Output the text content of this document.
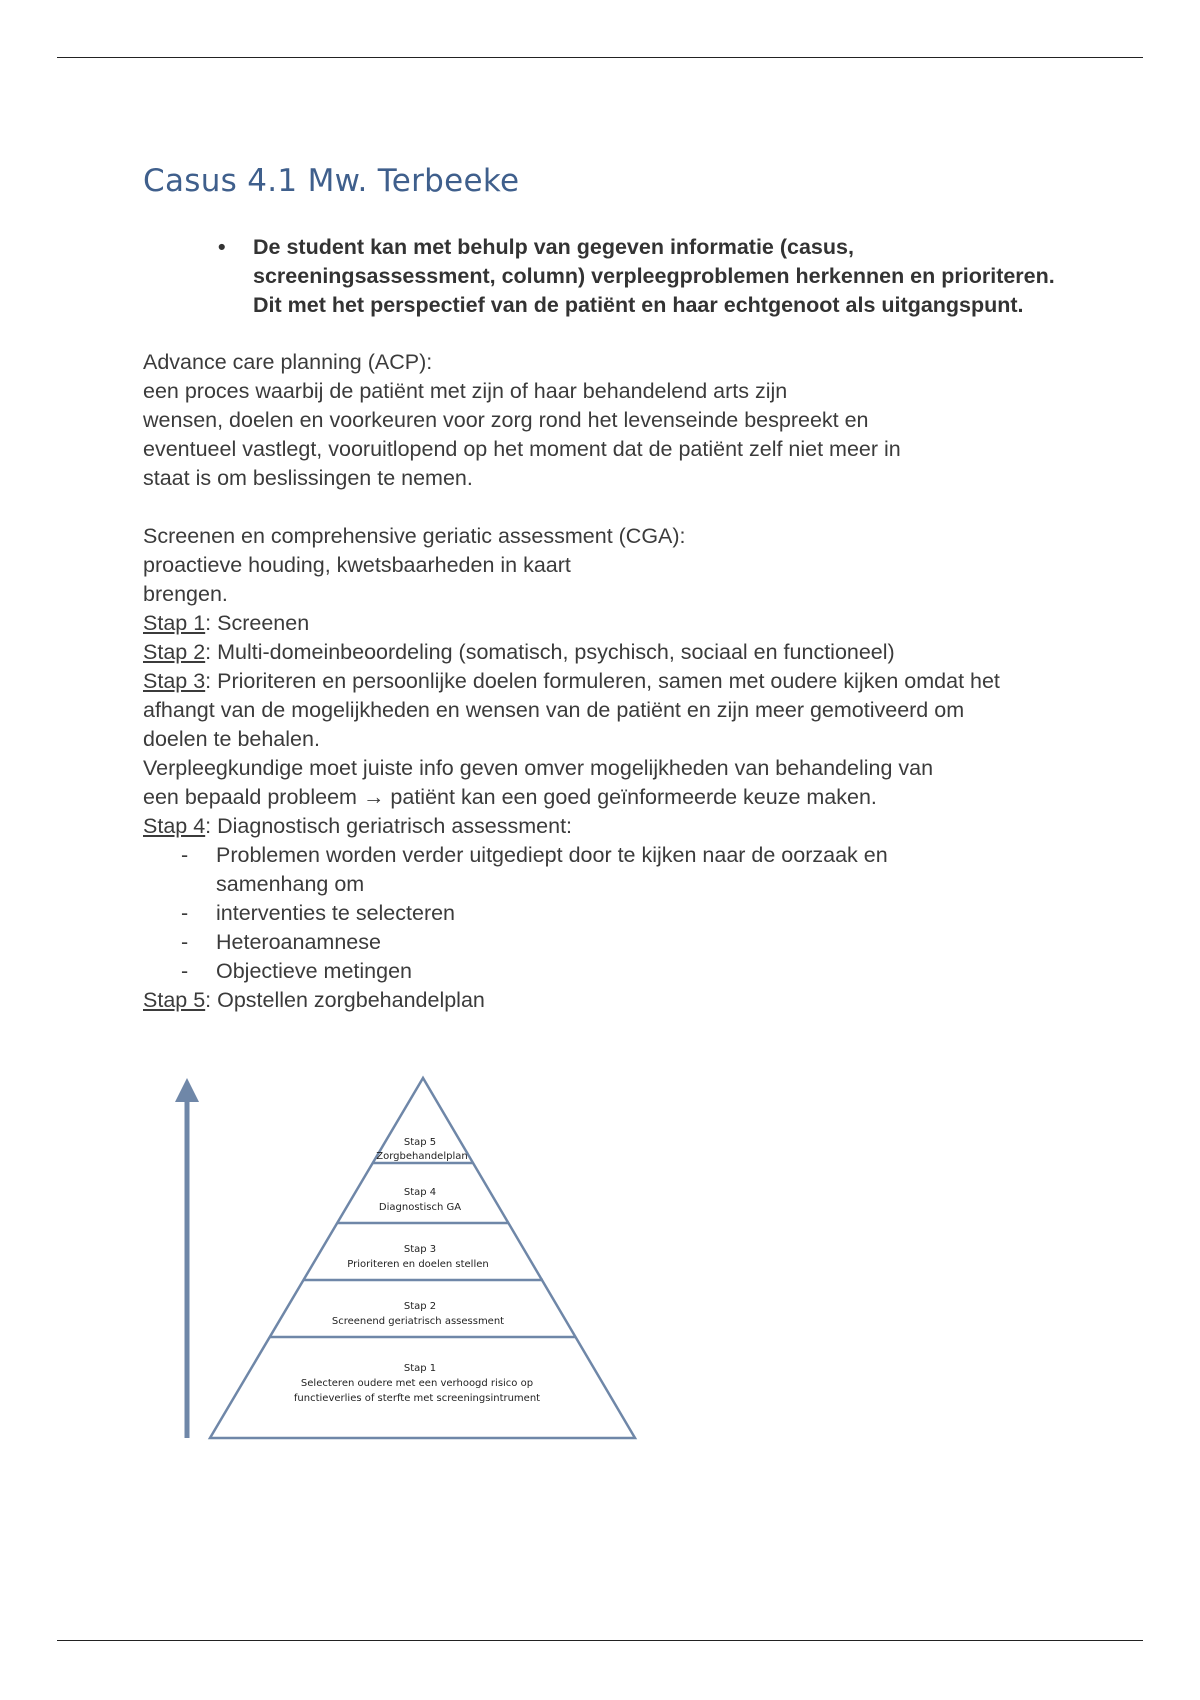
Casus 4.1 Mw. Terbeeke
• De student kan met behulp van gegeven informatie (casus, screeningsassessment, column) verpleegproblemen herkennen en prioriteren. Dit met het perspectief van de patiënt en haar echtgenoot als uitgangspunt.
Advance care planning (ACP):
een proces waarbij de patiënt met zijn of haar behandelend arts zijn
wensen, doelen en voorkeuren voor zorg rond het levenseinde bespreekt en
eventueel vastlegt, vooruitlopend op het moment dat de patiënt zelf niet meer in
staat is om beslissingen te nemen.
Screenen en comprehensive geriatic assessment (CGA):
proactieve houding, kwetsbaarheden in kaart
brengen.
Stap 1: Screenen
Stap 2: Multi-domeinbeoordeling (somatisch, psychisch, sociaal en functioneel)
Stap 3: Prioriteren en persoonlijke doelen formuleren, samen met oudere kijken omdat het afhangt van de mogelijkheden en wensen van de patiënt en zijn meer gemotiveerd om doelen te behalen.
Verpleegkundige moet juiste info geven omver mogelijkheden van behandeling van
een bepaald probleem → patiënt kan een goed geïnformeerde keuze maken.
Stap 4: Diagnostisch geriatrisch assessment:
- Problemen worden verder uitgediept door te kijken naar de oorzaak en samenhang om
- interventies te selecteren
- Heteroanamnese
- Objectieve metingen
Stap 5: Opstellen zorgbehandelplan
Stap 5
Zorgbehandelplan
Stap 4
Diagnostisch GA
Stap 3
Prioriteren en doelen stellen
Stap 2
Screenend geriatrisch assessment
Stap 1
Selecteren oudere met een verhoogd risico op
functieverlies of sterfte met screeningsintrument
